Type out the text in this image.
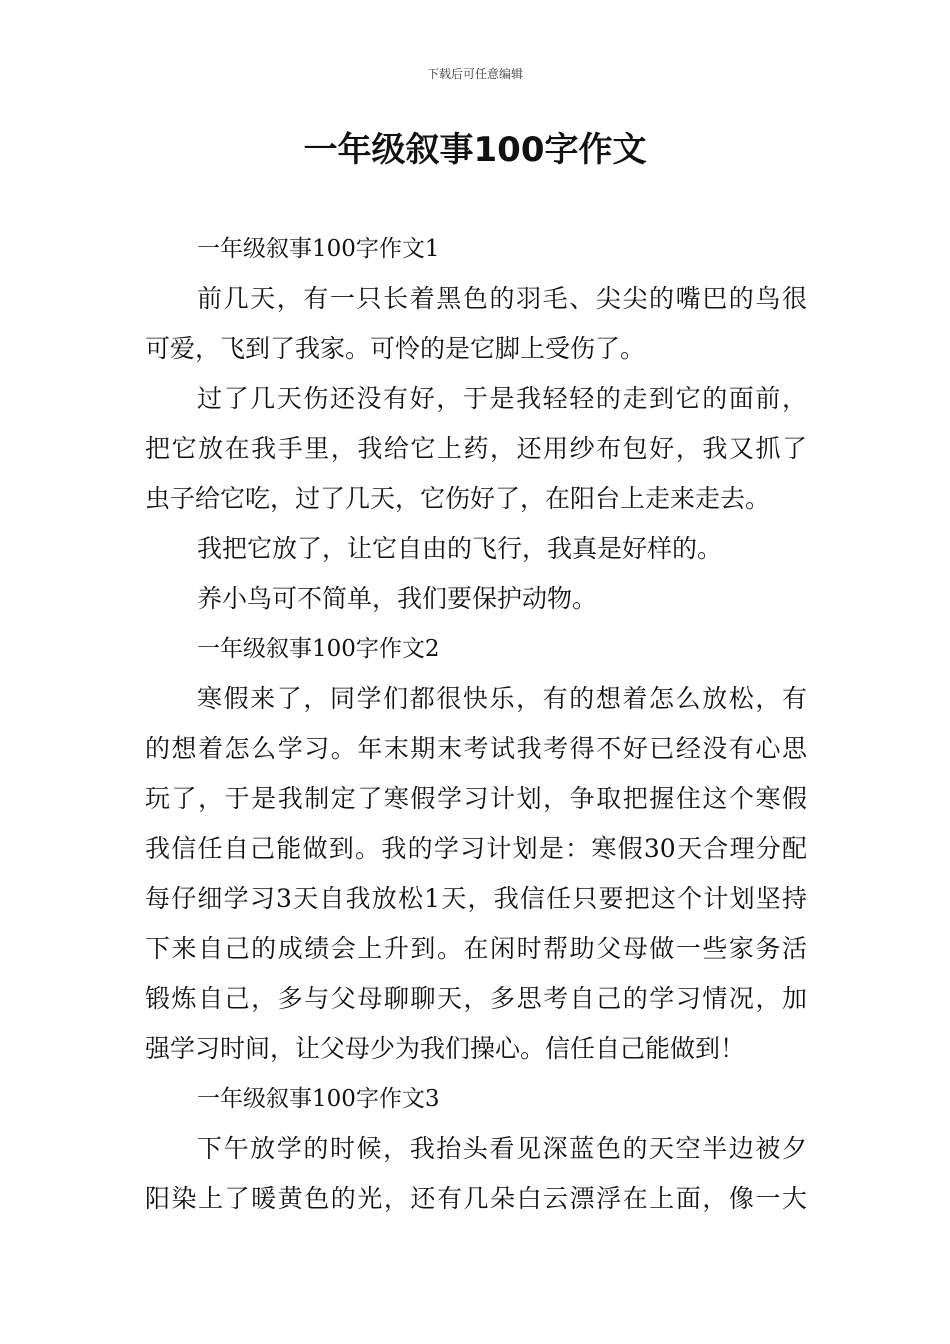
下载后可任意编辑
一年级叙事100字作文
一年级叙事100字作文1
前几天，有一只长着黑色的羽毛、尖尖的嘴巴的鸟很
可爱，飞到了我家。可怜的是它脚上受伤了。
过了几天伤还没有好，于是我轻轻的走到它的面前，
把它放在我手里，我给它上药，还用纱布包好，我又抓了
虫子给它吃，过了几天，它伤好了，在阳台上走来走去。
我把它放了，让它自由的飞行，我真是好样的。
养小鸟可不简单，我们要保护动物。
一年级叙事100字作文2
寒假来了，同学们都很快乐，有的想着怎么放松，有
的想着怎么学习。年末期末考试我考得不好已经没有心思
玩了，于是我制定了寒假学习计划，争取把握住这个寒假
我信任自己能做到。我的学习计划是：寒假30天合理分配
每仔细学习3天自我放松1天，我信任只要把这个计划坚持
下来自己的成绩会上升到。在闲时帮助父母做一些家务活
锻炼自己，多与父母聊聊天，多思考自己的学习情况，加
强学习时间，让父母少为我们操心。信任自己能做到！
一年级叙事100字作文3
下午放学的时候，我抬头看见深蓝色的天空半边被夕
阳染上了暖黄色的光，还有几朵白云漂浮在上面，像一大
